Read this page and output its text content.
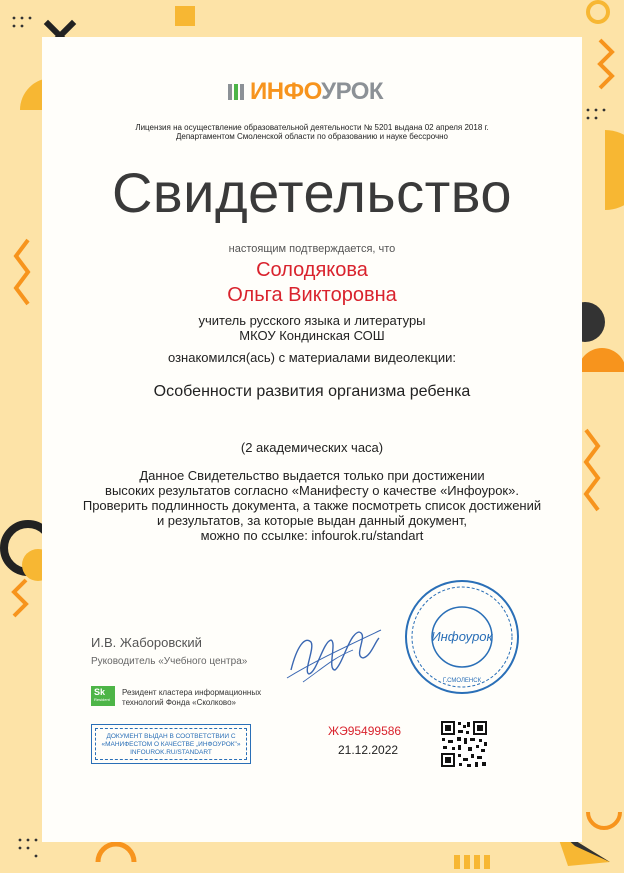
ИНФОУРОК
Лицензия на осуществление образовательной деятельности № 5201 выдана 02 апреля 2018 г.
Департаментом Смоленской области по образованию и науке бессрочно
Свидетельство
настоящим подтверждается, что
Солодякова
Ольга Викторовна
учитель русского языка и литературы
МКОУ Кондинская СОШ
ознакомился(ась) с материалами видеолекции:
Особенности развития организма ребенка
(2 академических часа)
Данное Свидетельство выдается только при достижении
высоких результатов согласно «Манифесту о качестве «Инфоурок».
Проверить подлинность документа, а также посмотреть список достижений
и результатов, за которые выдан данный документ,
можно по ссылке: infourok.ru/standart
И.В. Жаборовский
Руководитель «Учебного центра»
Sk
Resident
Резидент кластера информационных
технологий Фонда «Сколково»
ДОКУМЕНТ ВЫДАН В СООТВЕТСТВИИ С
«МАНИФЕСТОМ О КАЧЕСТВЕ „ИНФОУРОК"»
INFOUROK.RU/STANDART
ЖЭ95499586
21.12.2022
Инфоурок
Г.СМОЛЕНСК
